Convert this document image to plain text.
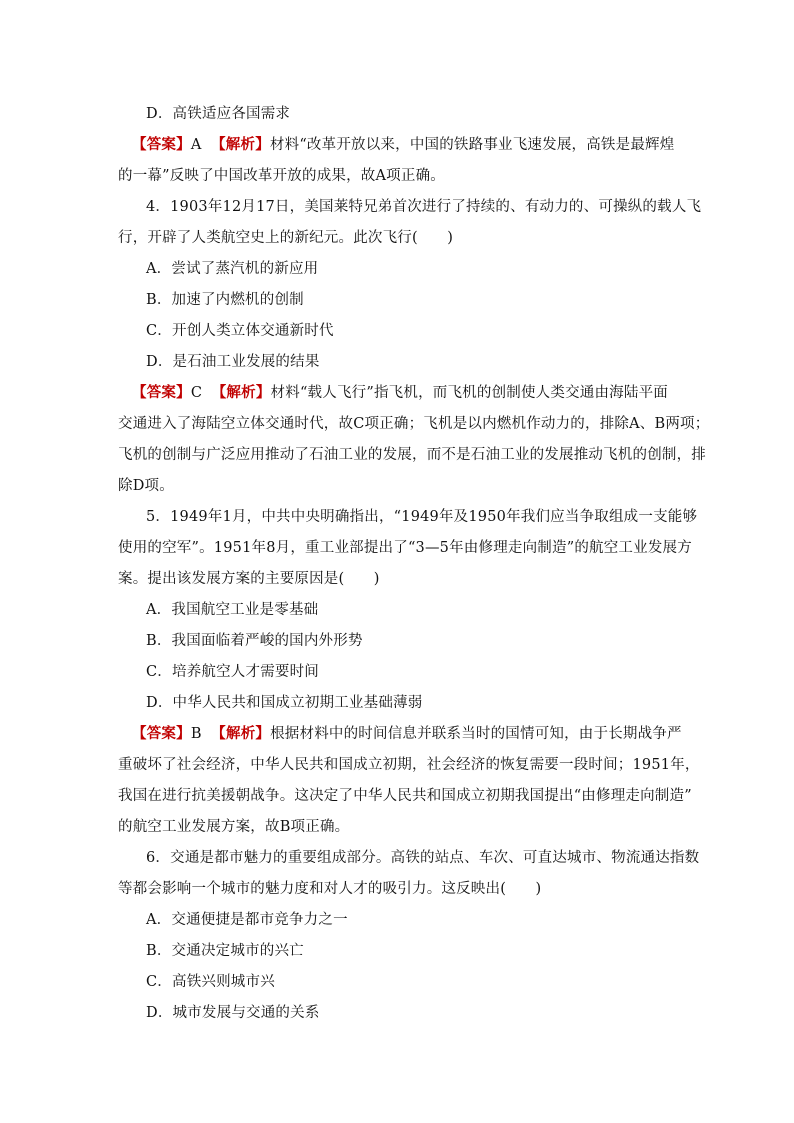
D．高铁适应各国需求
【答案】A 【解析】材料“改革开放以来，中国的铁路事业飞速发展，高铁是最辉煌
的一幕”反映了中国改革开放的成果，故A项正确。
4．1903年12月17日，美国莱特兄弟首次进行了持续的、有动力的、可操纵的载人飞
行，开辟了人类航空史上的新纪元。此次飞行(　　)
A．尝试了蒸汽机的新应用
B．加速了内燃机的创制
C．开创人类立体交通新时代
D．是石油工业发展的结果
【答案】C 【解析】材料“载人飞行”指飞机，而飞机的创制使人类交通由海陆平面
交通进入了海陆空立体交通时代，故C项正确；飞机是以内燃机作动力的，排除A、B两项；
飞机的创制与广泛应用推动了石油工业的发展，而不是石油工业的发展推动飞机的创制，排
除D项。
5．1949年1月，中共中央明确指出，“1949年及1950年我们应当争取组成一支能够
使用的空军”。1951年8月，重工业部提出了“3—5年由修理走向制造”的航空工业发展方
案。提出该发展方案的主要原因是(　　)
A．我国航空工业是零基础
B．我国面临着严峻的国内外形势
C．培养航空人才需要时间
D．中华人民共和国成立初期工业基础薄弱
【答案】B 【解析】根据材料中的时间信息并联系当时的国情可知，由于长期战争严
重破坏了社会经济，中华人民共和国成立初期，社会经济的恢复需要一段时间；1951年，
我国在进行抗美援朝战争。这决定了中华人民共和国成立初期我国提出“由修理走向制造”
的航空工业发展方案，故B项正确。
6．交通是都市魅力的重要组成部分。高铁的站点、车次、可直达城市、物流通达指数
等都会影响一个城市的魅力度和对人才的吸引力。这反映出(　　)
A．交通便捷是都市竞争力之一
B．交通决定城市的兴亡
C．高铁兴则城市兴
D．城市发展与交通的关系
